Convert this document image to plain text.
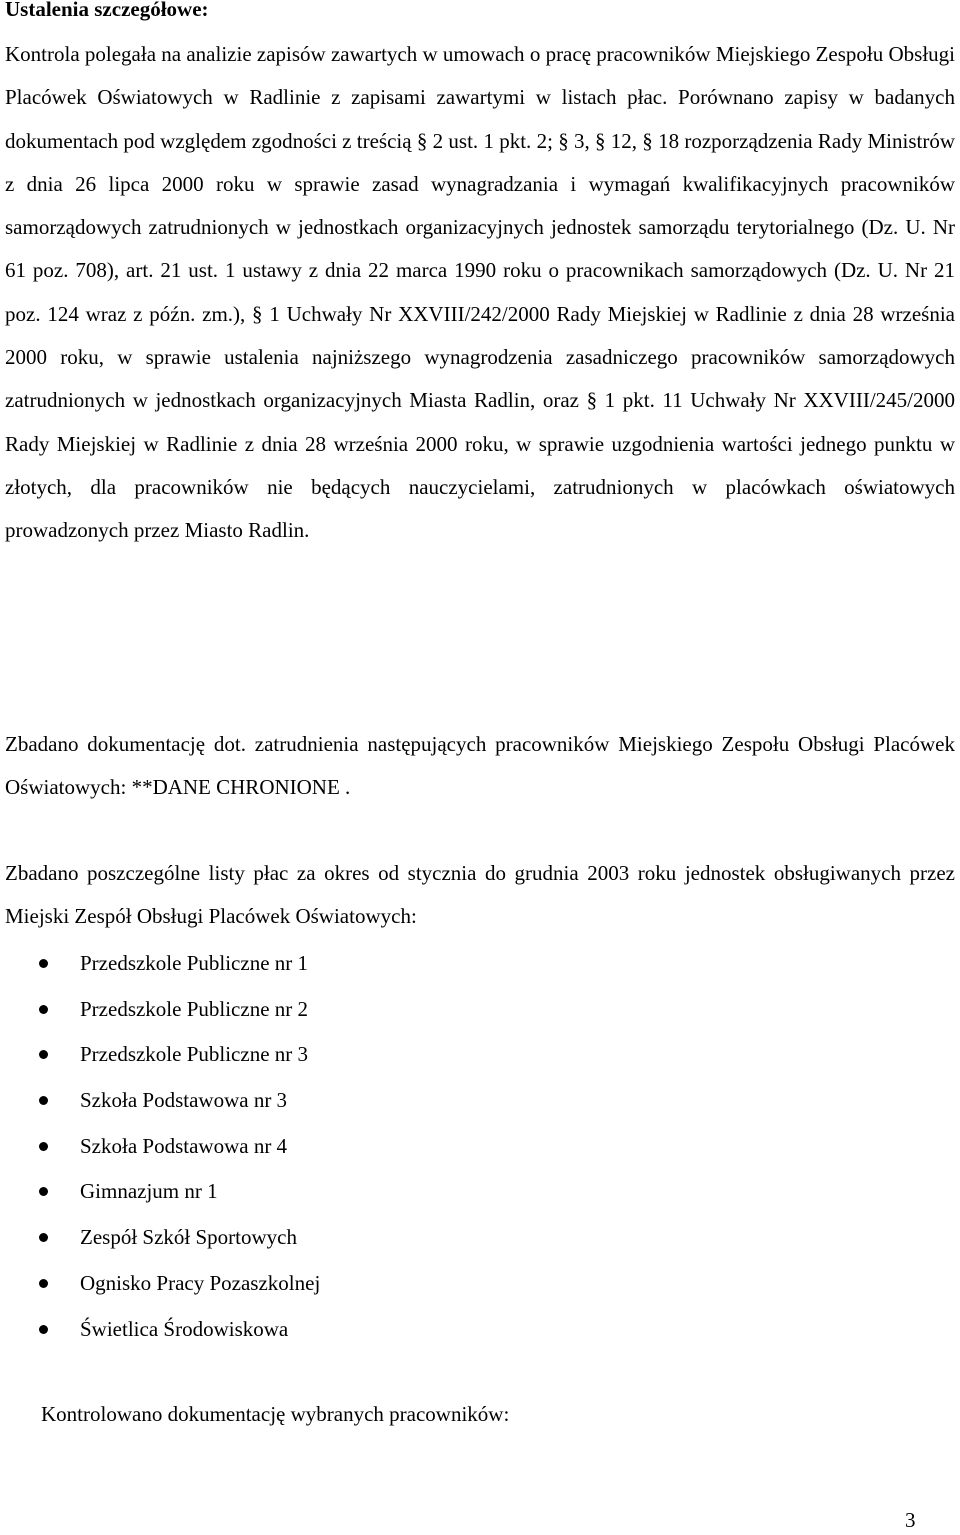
Ustalenia szczegółowe:
Kontrola polegała na analizie zapisów zawartych w umowach o pracę pracowników Miejskiego Zespołu Obsługi Placówek Oświatowych w Radlinie z zapisami zawartymi w listach płac. Porównano zapisy w badanych dokumentach pod względem zgodności z treścią § 2 ust. 1 pkt. 2; § 3, § 12, § 18 rozporządzenia Rady Ministrów z dnia 26 lipca 2000 roku w sprawie zasad wynagradzania i wymagań kwalifikacyjnych pracowników samorządowych zatrudnionych w jednostkach organizacyjnych jednostek samorządu terytorialnego (Dz. U. Nr 61 poz. 708), art. 21 ust. 1 ustawy z dnia 22 marca 1990 roku o pracownikach samorządowych (Dz. U. Nr 21 poz. 124 wraz z późn. zm.), § 1 Uchwały Nr XXVIII/242/2000 Rady Miejskiej w Radlinie z dnia 28 września 2000 roku, w sprawie ustalenia najniższego wynagrodzenia zasadniczego pracowników samorządowych zatrudnionych w jednostkach organizacyjnych Miasta Radlin, oraz § 1 pkt. 11 Uchwały Nr XXVIII/245/2000 Rady Miejskiej w Radlinie z dnia 28 września 2000 roku, w sprawie uzgodnienia wartości jednego punktu w złotych, dla pracowników nie będących nauczycielami, zatrudnionych w placówkach oświatowych prowadzonych przez Miasto Radlin.
Zbadano dokumentację dot. zatrudnienia następujących pracowników Miejskiego Zespołu Obsługi Placówek Oświatowych: **DANE CHRONIONE .
Zbadano poszczególne listy płac za okres od stycznia do grudnia 2003 roku jednostek obsługiwanych przez Miejski Zespół Obsługi Placówek Oświatowych:
Przedszkole Publiczne nr 1
Przedszkole Publiczne nr 2
Przedszkole Publiczne nr 3
Szkoła Podstawowa nr 3
Szkoła Podstawowa nr 4
Gimnazjum nr 1
Zespół Szkół Sportowych
Ognisko Pracy Pozaszkolnej
Świetlica Środowiskowa
Kontrolowano dokumentację wybranych pracowników:
3
